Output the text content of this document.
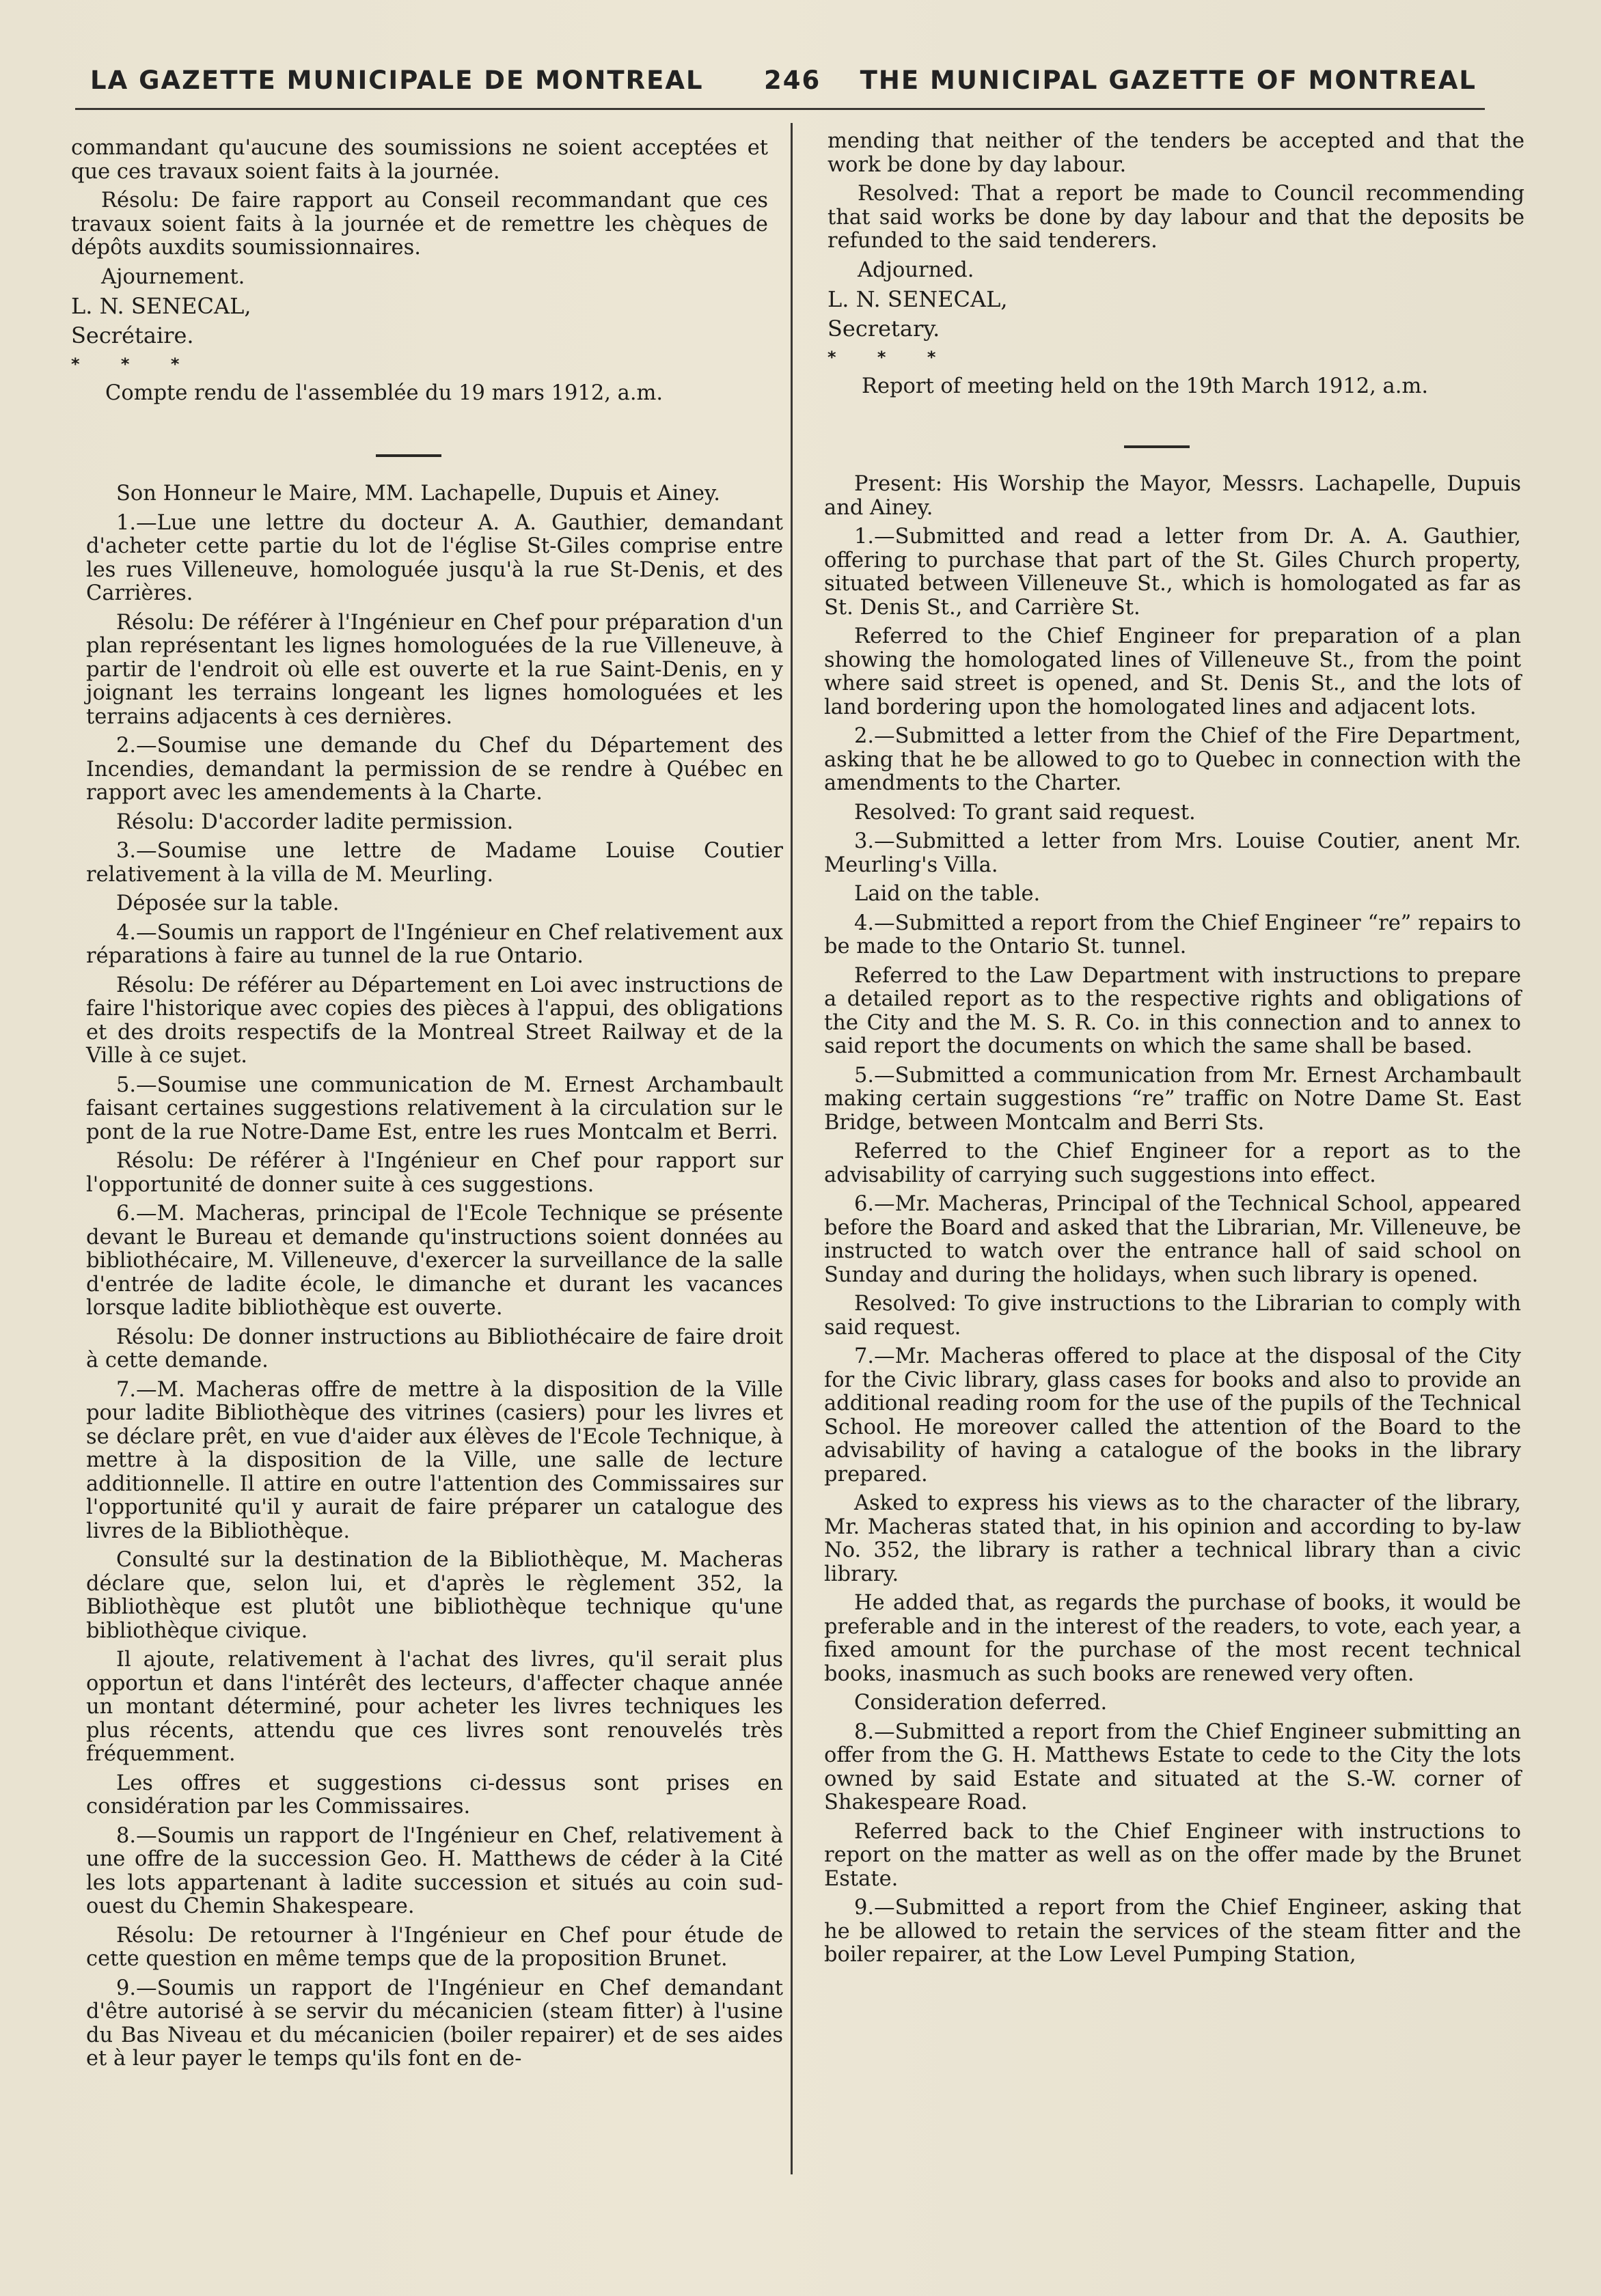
LA GAZETTE MUNICIPALE DE MONTREAL 246 THE MUNICIPAL GAZETTE OF MONTREAL

commandant qu'aucune des soumissions ne soient acceptées et que ces travaux soient faits à la journée.

Résolu: De faire rapport au Conseil recommandant que ces travaux soient faits à la journée et de remettre les chèques de dépôts auxdits soumissionnaires.

Ajournement.

L. N. SENECAL,

Secrétaire.

* * *

Compte rendu de l'assemblée du 19 mars 1912, a.m.

mending that neither of the tenders be accepted and that the work be done by day labour.

Resolved: That a report be made to Council recommending that said works be done by day labour and that the deposits be refunded to the said tenderers.

Adjourned.

L. N. SENECAL,

Secretary.

* * *

Report of meeting held on the 19th March 1912, a.m.

Son Honneur le Maire, MM. Lachapelle, Dupuis et Ainey.

1.—Lue une lettre du docteur A. A. Gauthier, demandant d'acheter cette partie du lot de l'église St-Giles comprise entre les rues Villeneuve, homologuée jusqu'à la rue St-Denis, et des Carrières.

Résolu: De référer à l'Ingénieur en Chef pour préparation d'un plan représentant les lignes homologuées de la rue Villeneuve, à partir de l'endroit où elle est ouverte et la rue Saint-Denis, en y joignant les terrains longeant les lignes homologuées et les terrains adjacents à ces dernières.

2.—Soumise une demande du Chef du Département des Incendies, demandant la permission de se rendre à Québec en rapport avec les amendements à la Charte.

Résolu: D'accorder ladite permission.

3.—Soumise une lettre de Madame Louise Coutier relativement à la villa de M. Meurling.

Déposée sur la table.

4.—Soumis un rapport de l'Ingénieur en Chef relativement aux réparations à faire au tunnel de la rue Ontario.

Résolu: De référer au Département en Loi avec instructions de faire l'historique avec copies des pièces à l'appui, des obligations et des droits respectifs de la Montreal Street Railway et de la Ville à ce sujet.

5.—Soumise une communication de M. Ernest Archambault faisant certaines suggestions relativement à la circulation sur le pont de la rue Notre-Dame Est, entre les rues Montcalm et Berri.

Résolu: De référer à l'Ingénieur en Chef pour rapport sur l'opportunité de donner suite à ces suggestions.

6.—M. Macheras, principal de l'Ecole Technique se présente devant le Bureau et demande qu'instructions soient données au bibliothécaire, M. Villeneuve, d'exercer la surveillance de la salle d'entrée de ladite école, le dimanche et durant les vacances lorsque ladite bibliothèque est ouverte.

Résolu: De donner instructions au Bibliothécaire de faire droit à cette demande.

7.—M. Macheras offre de mettre à la disposition de la Ville pour ladite Bibliothèque des vitrines (casiers) pour les livres et se déclare prêt, en vue d'aider aux élèves de l'Ecole Technique, à mettre à la disposition de la Ville, une salle de lecture additionnelle. Il attire en outre l'attention des Commissaires sur l'opportunité qu'il y aurait de faire préparer un catalogue des livres de la Bibliothèque.

Consulté sur la destination de la Bibliothèque, M. Macheras déclare que, selon lui, et d'après le règlement 352, la Bibliothèque est plutôt une bibliothèque technique qu'une bibliothèque civique.

Il ajoute, relativement à l'achat des livres, qu'il serait plus opportun et dans l'intérêt des lecteurs, d'affecter chaque année un montant déterminé, pour acheter les livres techniques les plus récents, attendu que ces livres sont renouvelés très fréquemment.

Les offres et suggestions ci-dessus sont prises en considération par les Commissaires.

8.—Soumis un rapport de l'Ingénieur en Chef, relativement à une offre de la succession Geo. H. Matthews de céder à la Cité les lots appartenant à ladite succession et situés au coin sud-ouest du Chemin Shakespeare.

Résolu: De retourner à l'Ingénieur en Chef pour étude de cette question en même temps que de la proposition Brunet.

9.—Soumis un rapport de l'Ingénieur en Chef demandant d'être autorisé à se servir du mécanicien (steam fitter) à l'usine du Bas Niveau et du mécanicien (boiler repairer) et de ses aides et à leur payer le temps qu'ils font en de-

Present: His Worship the Mayor, Messrs. Lachapelle, Dupuis and Ainey.

1.—Submitted and read a letter from Dr. A. A. Gauthier, offering to purchase that part of the St. Giles Church property, situated between Villeneuve St., which is homologated as far as St. Denis St., and Carrière St.

Referred to the Chief Engineer for preparation of a plan showing the homologated lines of Villeneuve St., from the point where said street is opened, and St. Denis St., and the lots of land bordering upon the homologated lines and adjacent lots.

2.—Submitted a letter from the Chief of the Fire Department, asking that he be allowed to go to Quebec in connection with the amendments to the Charter.

Resolved: To grant said request.

3.—Submitted a letter from Mrs. Louise Coutier, anent Mr. Meurling's Villa.

Laid on the table.

4.—Submitted a report from the Chief Engineer “re” repairs to be made to the Ontario St. tunnel.

Referred to the Law Department with instructions to prepare a detailed report as to the respective rights and obligations of the City and the M. S. R. Co. in this connection and to annex to said report the documents on which the same shall be based.

5.—Submitted a communication from Mr. Ernest Archambault making certain suggestions “re” traffic on Notre Dame St. East Bridge, between Montcalm and Berri Sts.

Referred to the Chief Engineer for a report as to the advisability of carrying such suggestions into effect.

6.—Mr. Macheras, Principal of the Technical School, appeared before the Board and asked that the Librarian, Mr. Villeneuve, be instructed to watch over the entrance hall of said school on Sunday and during the holidays, when such library is opened.

Resolved: To give instructions to the Librarian to comply with said request.

7.—Mr. Macheras offered to place at the disposal of the City for the Civic library, glass cases for books and also to provide an additional reading room for the use of the pupils of the Technical School. He moreover called the attention of the Board to the advisability of having a catalogue of the books in the library prepared.

Asked to express his views as to the character of the library, Mr. Macheras stated that, in his opinion and according to by-law No. 352, the library is rather a technical library than a civic library.

He added that, as regards the purchase of books, it would be preferable and in the interest of the readers, to vote, each year, a fixed amount for the purchase of the most recent technical books, inasmuch as such books are renewed very often.

Consideration deferred.

8.—Submitted a report from the Chief Engineer submitting an offer from the G. H. Matthews Estate to cede to the City the lots owned by said Estate and situated at the S.-W. corner of Shakespeare Road.

Referred back to the Chief Engineer with instructions to report on the matter as well as on the offer made by the Brunet Estate.

9.—Submitted a report from the Chief Engineer, asking that he be allowed to retain the services of the steam fitter and the boiler repairer, at the Low Level Pumping Station,
